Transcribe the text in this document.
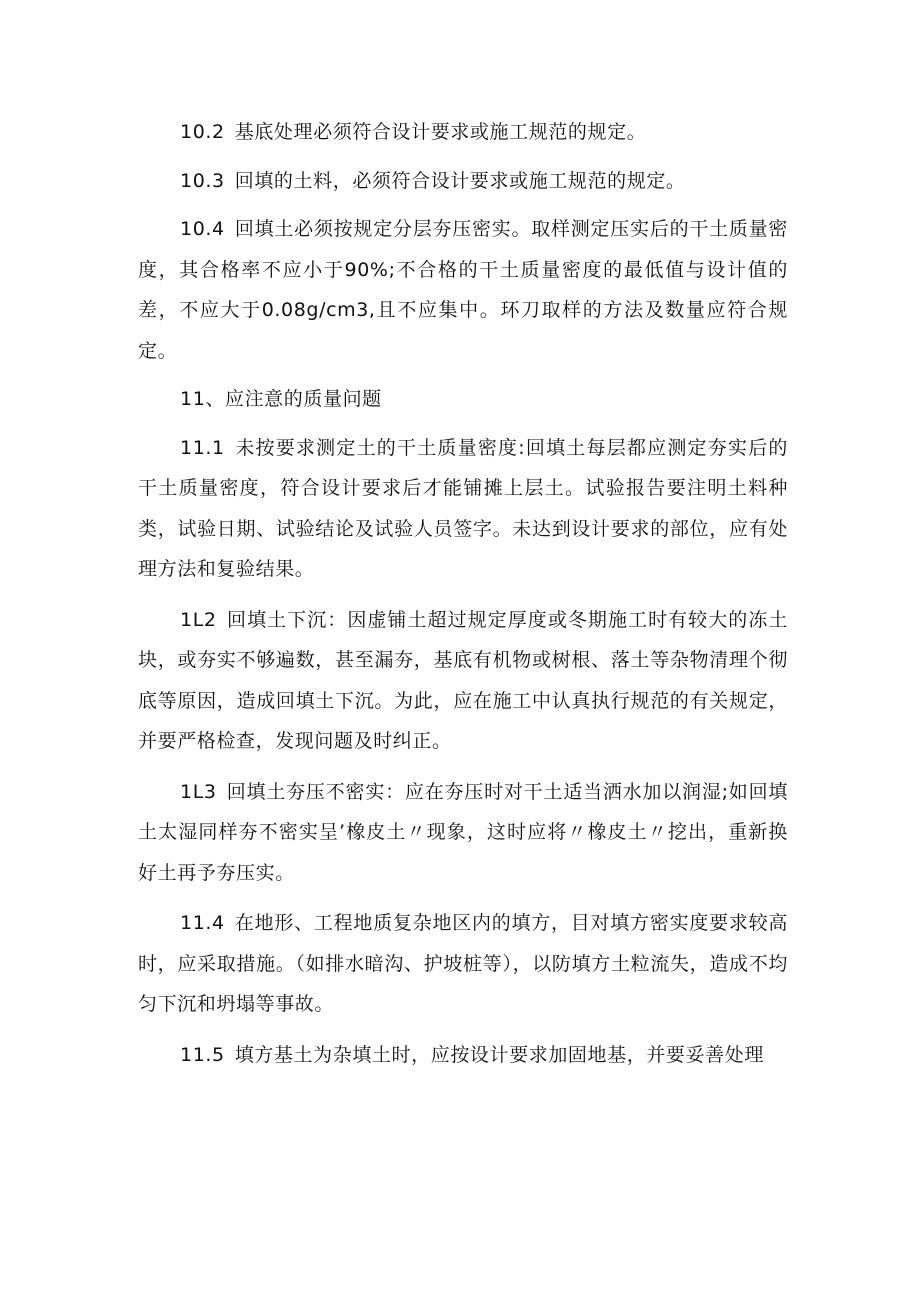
10.2 基底处理必须符合设计要求或施工规范的规定。

10.3 回填的土料，必须符合设计要求或施工规范的规定。

10.4 回填土必须按规定分层夯压密实。取样测定压实后的干土质量密度，其合格率不应小于90%;不合格的干土质量密度的最低值与设计值的差，不应大于0.08g∕cm3,且不应集中。环刀取样的方法及数量应符合规定。

11、应注意的质量问题

11.1 未按要求测定土的干土质量密度:回填土每层都应测定夯实后的干土质量密度，符合设计要求后才能铺摊上层土。试验报告要注明土料种类，试验日期、试验结论及试验人员签字。未达到设计要求的部位，应有处理方法和复验结果。

1L2 回填土下沉：因虚铺土超过规定厚度或冬期施工时有较大的冻土块，或夯实不够遍数，甚至漏夯，基底有机物或树根、落土等杂物清理个彻底等原因，造成回填土下沉。为此，应在施工中认真执行规范的有关规定，并要严格检查，发现问题及时纠正。

1L3 回填土夯压不密实：应在夯压时对干土适当洒水加以润湿;如回填土太湿同样夯不密实呈’橡皮土〃现象，这时应将〃橡皮土〃挖出，重新换好土再予夯压实。

11.4 在地形、工程地质复杂地区内的填方，目对填方密实度要求较高时，应采取措施。（如排水暗沟、护坡桩等），以防填方土粒流失，造成不均匀下沉和坍塌等事故。

11.5 填方基土为杂填土时，应按设计要求加固地基，并要妥善处理
